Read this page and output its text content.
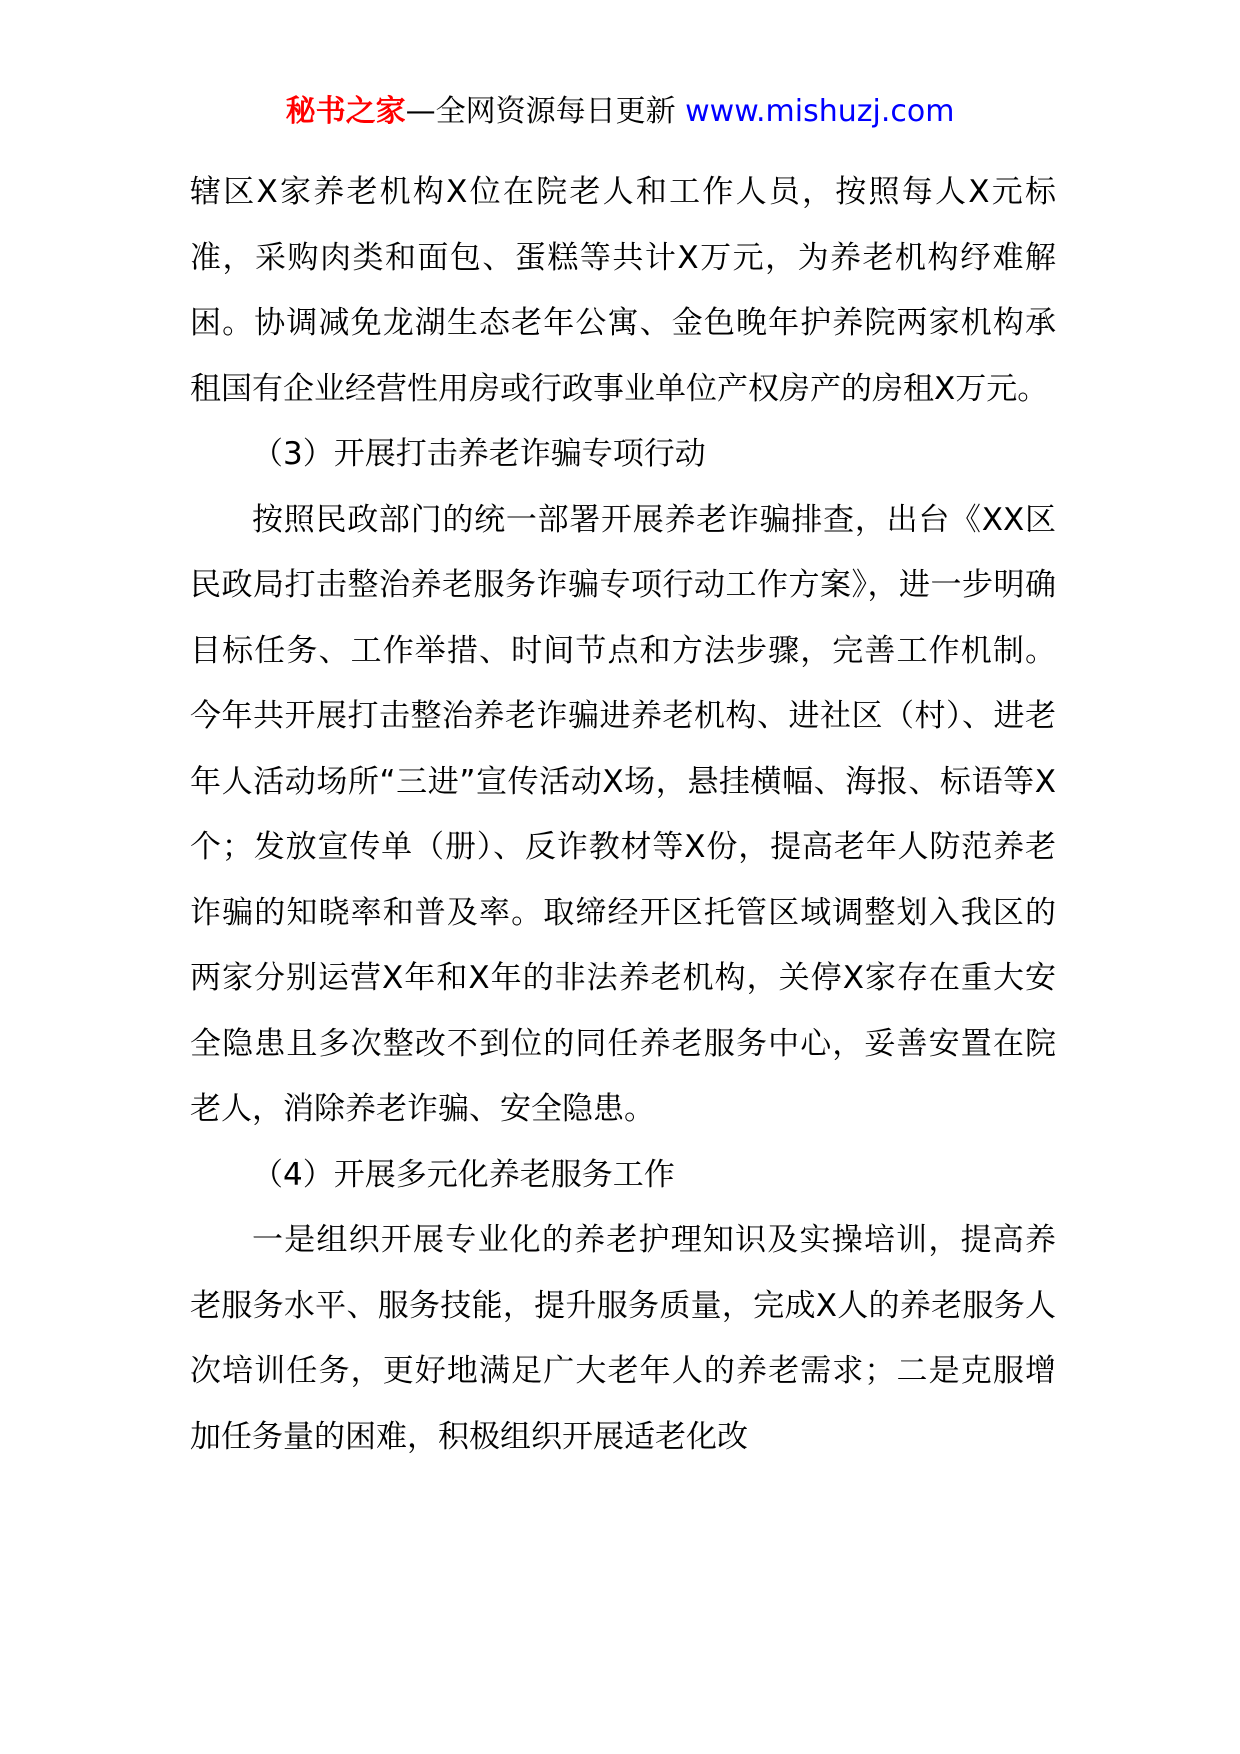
秘书之家—全网资源每日更新 www.mishuzj.com

辖区X家养老机构X位在院老人和工作人员，按照每人X元标准，采购肉类和面包、蛋糕等共计X万元，为养老机构纾难解困。协调减免龙湖生态老年公寓、金色晚年护养院两家机构承租国有企业经营性用房或行政事业单位产权房产的房租X万元。

（3）开展打击养老诈骗专项行动

按照民政部门的统一部署开展养老诈骗排查，出台《XX区民政局打击整治养老服务诈骗专项行动工作方案》，进一步明确目标任务、工作举措、时间节点和方法步骤，完善工作机制。今年共开展打击整治养老诈骗进养老机构、进社区（村）、进老年人活动场所“三进”宣传活动X场，悬挂横幅、海报、标语等X个；发放宣传单（册）、反诈教材等X份，提高老年人防范养老诈骗的知晓率和普及率。取缔经开区托管区域调整划入我区的两家分别运营X年和X年的非法养老机构，关停X家存在重大安全隐患且多次整改不到位的同任养老服务中心，妥善安置在院老人，消除养老诈骗、安全隐患。

（4）开展多元化养老服务工作

一是组织开展专业化的养老护理知识及实操培训，提高养老服务水平、服务技能，提升服务质量，完成X人的养老服务人次培训任务，更好地满足广大老年人的养老需求；二是克服增加任务量的困难，积极组织开展适老化改
